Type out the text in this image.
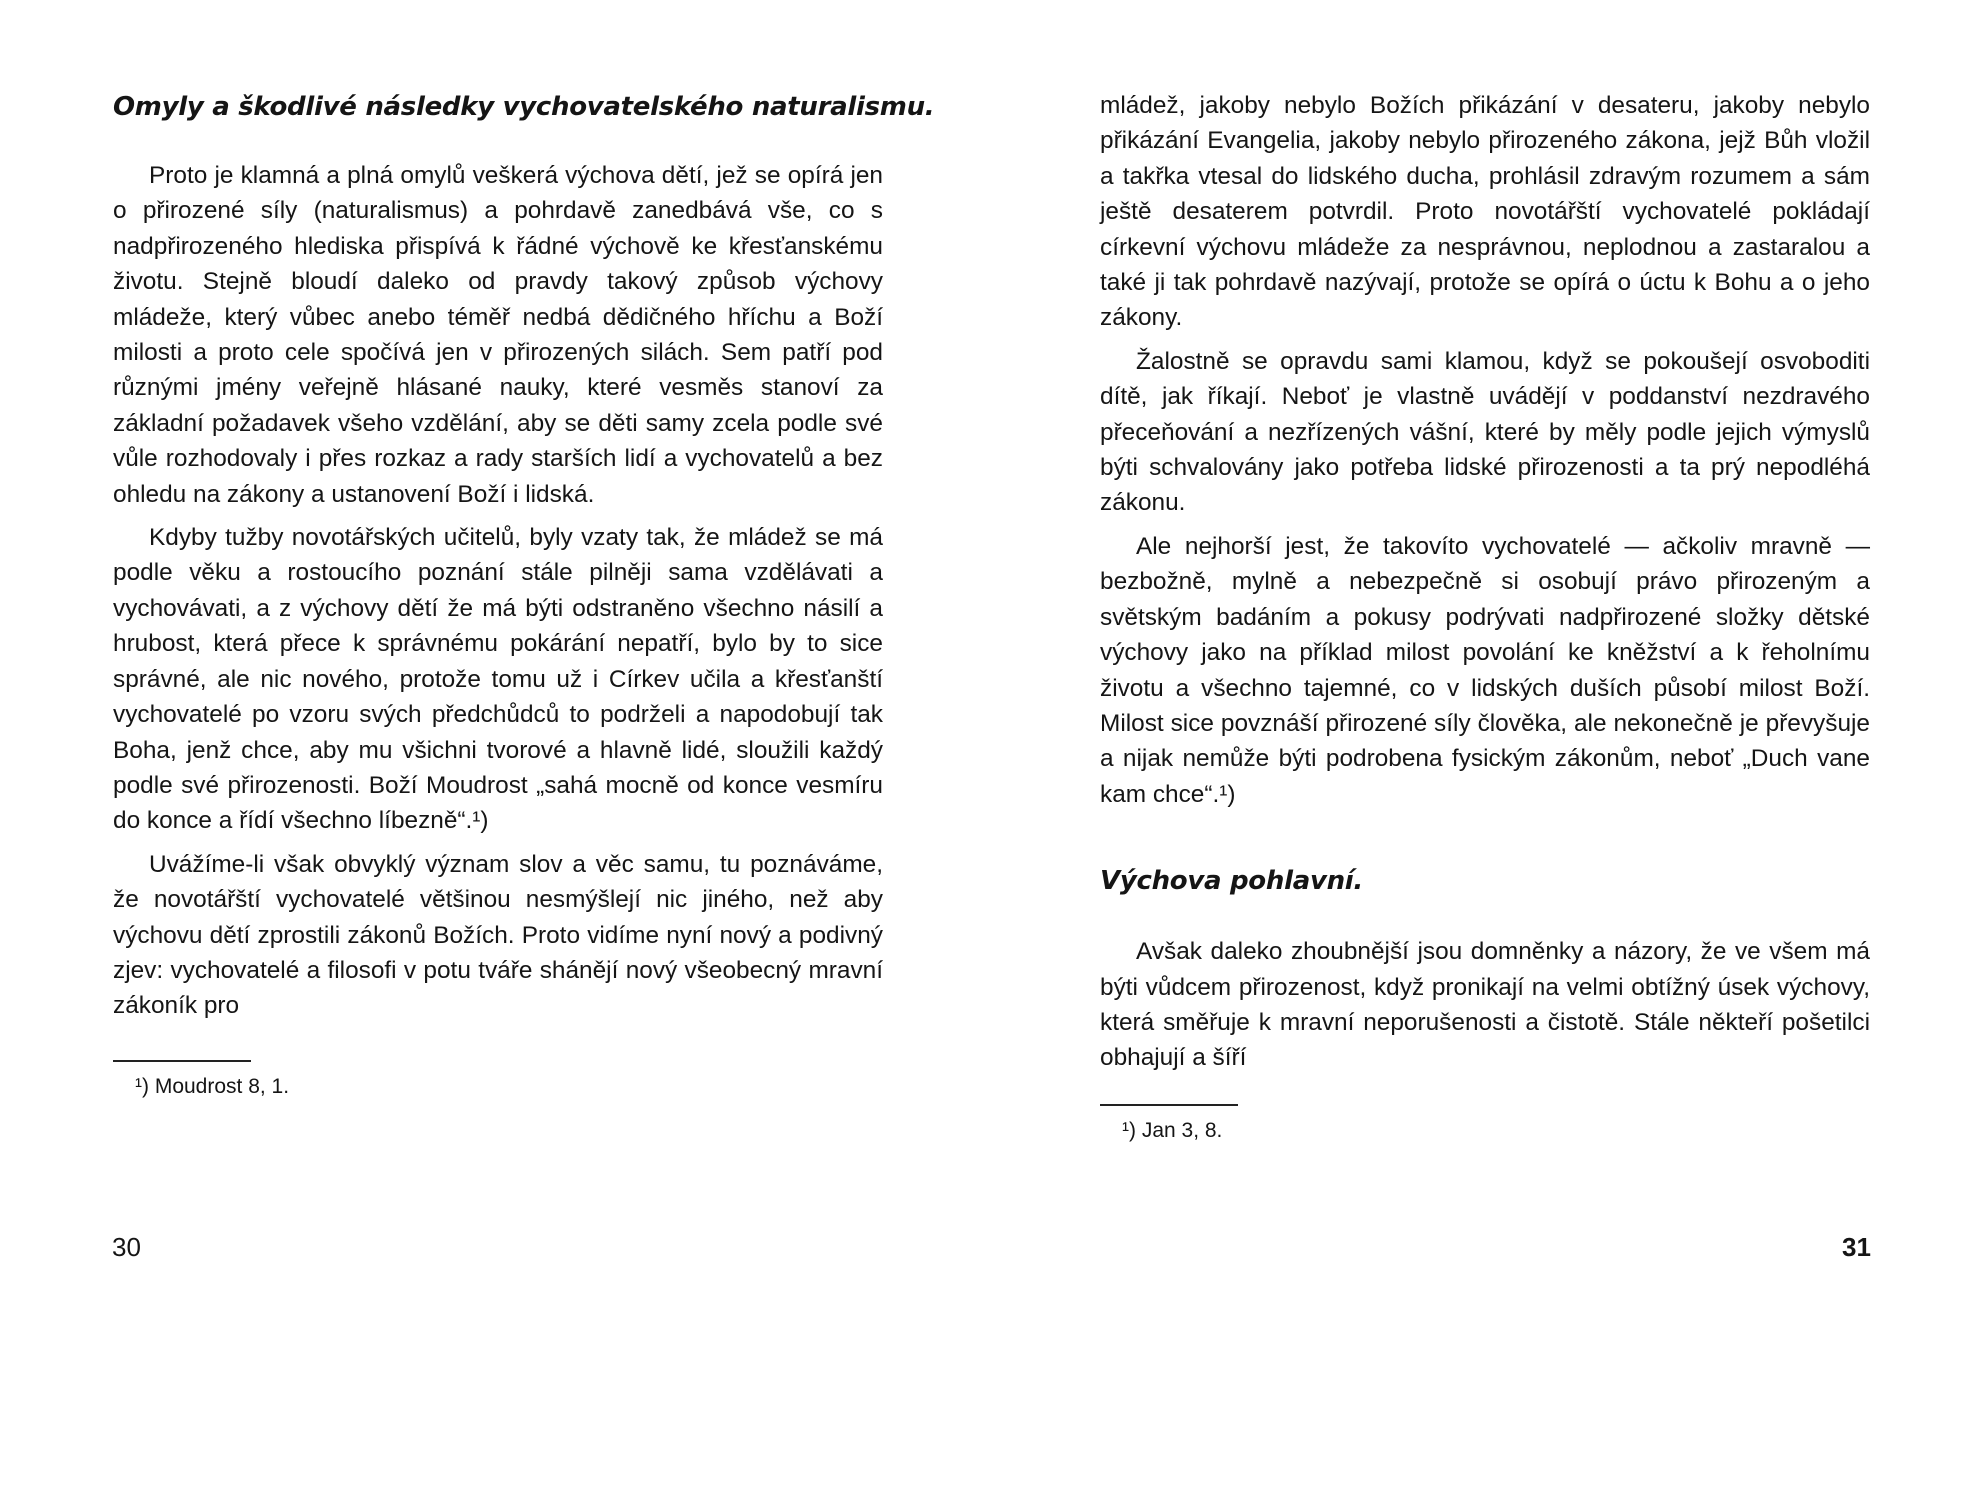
Omyly a škodlivé následky vychovatelského naturalismu.

Proto je klamná a plná omylů veškerá výchova dětí, jež se opírá jen o přirozené síly (naturalismus) a pohrdavě zanedbává vše, co s nadpřirozeného hlediska přispívá k řádné výchově ke křesťanskému životu. Stejně bloudí daleko od pravdy takový způsob výchovy mládeže, který vůbec anebo téměř nedbá dědičného hříchu a Boží milosti a proto cele spočívá jen v přirozených silách. Sem patří pod různými jmény veřejně hlásané nauky, které vesměs stanoví za základní požadavek všeho vzdělání, aby se děti samy zcela podle své vůle rozhodovaly i přes rozkaz a rady starších lidí a vychovatelů a bez ohledu na zákony a ustanovení Boží i lidská.

Kdyby tužby novotářských učitelů, byly vzaty tak, že mládež se má podle věku a rostoucího poznání stále pilněji sama vzdělávati a vychovávati, a z výchovy dětí že má býti odstraněno všechno násilí a hrubost, která přece k správnému pokárání nepatří, bylo by to sice správné, ale nic nového, protože tomu už i Církev učila a křesťanští vychovatelé po vzoru svých předchůdců to podrželi a napodobují tak Boha, jenž chce, aby mu všichni tvorové a hlavně lidé, sloužili každý podle své přirozenosti. Boží Moudrost „sahá mocně od konce vesmíru do konce a řídí všechno líbezně“.¹)

Uvážíme-li však obvyklý význam slov a věc samu, tu poznáváme, že novotářští vychovatelé většinou nesmýšlejí nic jiného, než aby výchovu dětí zprostili zákonů Božích. Proto vidíme nyní nový a podivný zjev: vychovatelé a filosofi v potu tváře shánějí nový všeobecný mravní zákoník pro

¹) Moudrost 8, 1.
30

mládež, jakoby nebylo Božích přikázání v desateru, jakoby nebylo přikázání Evangelia, jakoby nebylo přirozeného zákona, jejž Bůh vložil a takřka vtesal do lidského ducha, prohlásil zdravým rozumem a sám ještě desaterem potvrdil. Proto novotářští vychovatelé pokládají církevní výchovu mládeže za nesprávnou, neplodnou a zastaralou a také ji tak pohrdavě nazývají, protože se opírá o úctu k Bohu a o jeho zákony.

Žalostně se opravdu sami klamou, když se pokoušejí osvoboditi dítě, jak říkají. Neboť je vlastně uvádějí v poddanství nezdravého přeceňování a nezřízených vášní, které by měly podle jejich výmyslů býti schvalovány jako potřeba lidské přirozenosti a ta prý nepodléhá zákonu.

Ale nejhorší jest, že takovíto vychovatelé — ačkoliv mravně — bezbožně, mylně a nebezpečně si osobují právo přirozeným a světským badáním a pokusy podrývati nadpřirozené složky dětské výchovy jako na příklad milost povolání ke kněžství a k řeholnímu životu a všechno tajemné, co v lidských duších působí milost Boží. Milost sice povznáší přirozené síly člověka, ale nekonečně je převyšuje a nijak nemůže býti podrobena fysickým zákonům, neboť „Duch vane kam chce“.¹)

Výchova pohlavní.

Avšak daleko zhoubnější jsou domněnky a názory, že ve všem má býti vůdcem přirozenost, když pronikají na velmi obtížný úsek výchovy, která směřuje k mravní neporušenosti a čistotě. Stále někteří pošetilci obhajují a šíří

¹) Jan 3, 8.
31
